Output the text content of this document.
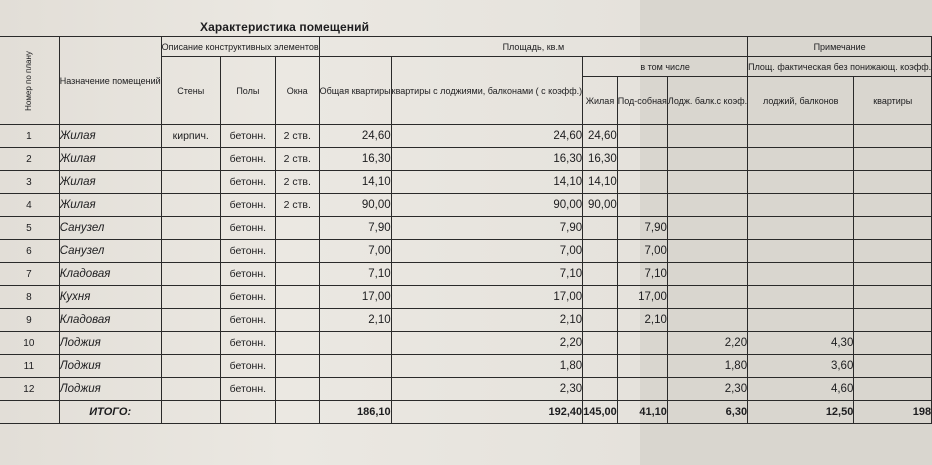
Характеристика помещений
Номер по плану	Назначение помещений	Описание конструктивных элементов			Площадь, кв.м					Примечание	
		Стены	Полы	Окна	Общая квартиры	квартиры с лоджиями, балконами ( с коэфф.)	в том числе			Площ. фактическая без понижающ. коэфф.	
							Жилая	Под-собная	Лодж. балк.с коэф.	лоджий, балконов	квартиры
1	Жилая	кирпич.	бетонн.	2 ств.	24,60	24,60	24,60				
2	Жилая		бетонн.	2 ств.	16,30	16,30	16,30				
3	Жилая		бетонн.	2 ств.	14,10	14,10	14,10				
4	Жилая		бетонн.	2 ств.	90,00	90,00	90,00				
5	Санузел		бетонн.		7,90	7,90		7,90			
6	Санузел		бетонн.		7,00	7,00		7,00			
7	Кладовая		бетонн.		7,10	7,10		7,10			
8	Кухня		бетонн.		17,00	17,00		17,00			
9	Кладовая		бетонн.		2,10	2,10		2,10			
10	Лоджия		бетонн.			2,20			2,20	4,30	
11	Лоджия		бетонн.			1,80			1,80	3,60	
12	Лоджия		бетонн.			2,30			2,30	4,60	
	ИТОГО:				186,10	192,40	145,00	41,10	6,30	12,50	198
